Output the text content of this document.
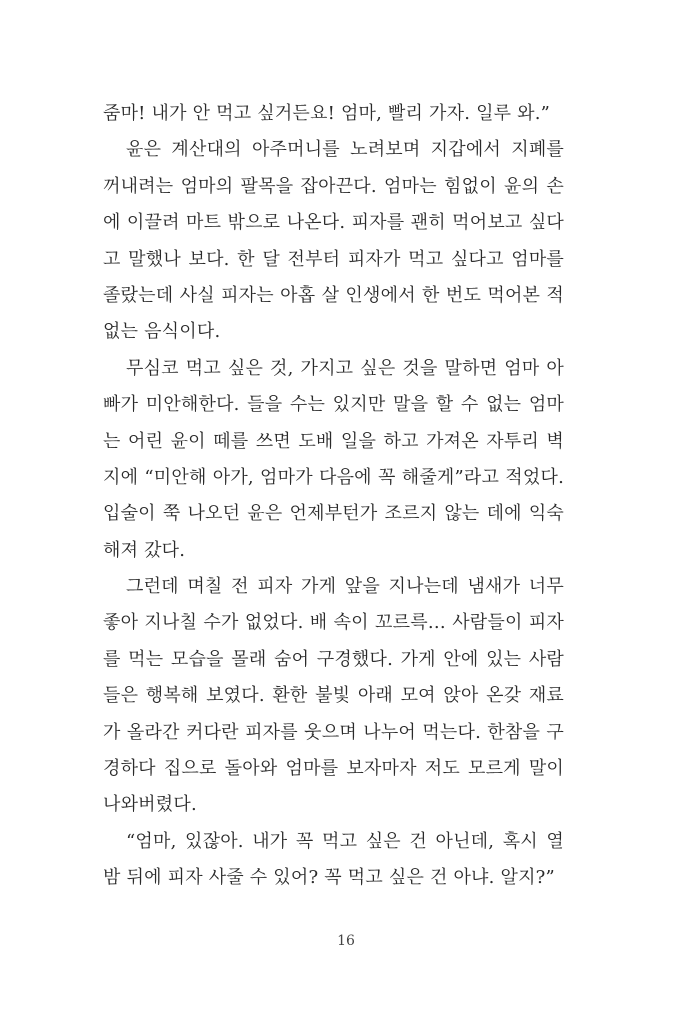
줌마! 내가 안 먹고 싶거든요! 엄마, 빨리 가자. 일루 와.”
윤은 계산대의 아주머니를 노려보며 지갑에서 지폐를
꺼내려는 엄마의 팔목을 잡아끈다. 엄마는 힘없이 윤의 손
에 이끌려 마트 밖으로 나온다. 피자를 괜히 먹어보고 싶다
고 말했나 보다. 한 달 전부터 피자가 먹고 싶다고 엄마를
졸랐는데 사실 피자는 아홉 살 인생에서 한 번도 먹어본 적
없는 음식이다.
무심코 먹고 싶은 것, 가지고 싶은 것을 말하면 엄마 아
빠가 미안해한다. 들을 수는 있지만 말을 할 수 없는 엄마
는 어린 윤이 떼를 쓰면 도배 일을 하고 가져온 자투리 벽
지에 “미안해 아가, 엄마가 다음에 꼭 해줄게”라고 적었다.
입술이 쭉 나오던 윤은 언제부턴가 조르지 않는 데에 익숙
해져 갔다.
그런데 며칠 전 피자 가게 앞을 지나는데 냄새가 너무
좋아 지나칠 수가 없었다. 배 속이 꼬르륵… 사람들이 피자
를 먹는 모습을 몰래 숨어 구경했다. 가게 안에 있는 사람
들은 행복해 보였다. 환한 불빛 아래 모여 앉아 온갖 재료
가 올라간 커다란 피자를 웃으며 나누어 먹는다. 한참을 구
경하다 집으로 돌아와 엄마를 보자마자 저도 모르게 말이
나와버렸다.
“엄마, 있잖아. 내가 꼭 먹고 싶은 건 아닌데, 혹시 열
밤 뒤에 피자 사줄 수 있어? 꼭 먹고 싶은 건 아냐. 알지?”
16
